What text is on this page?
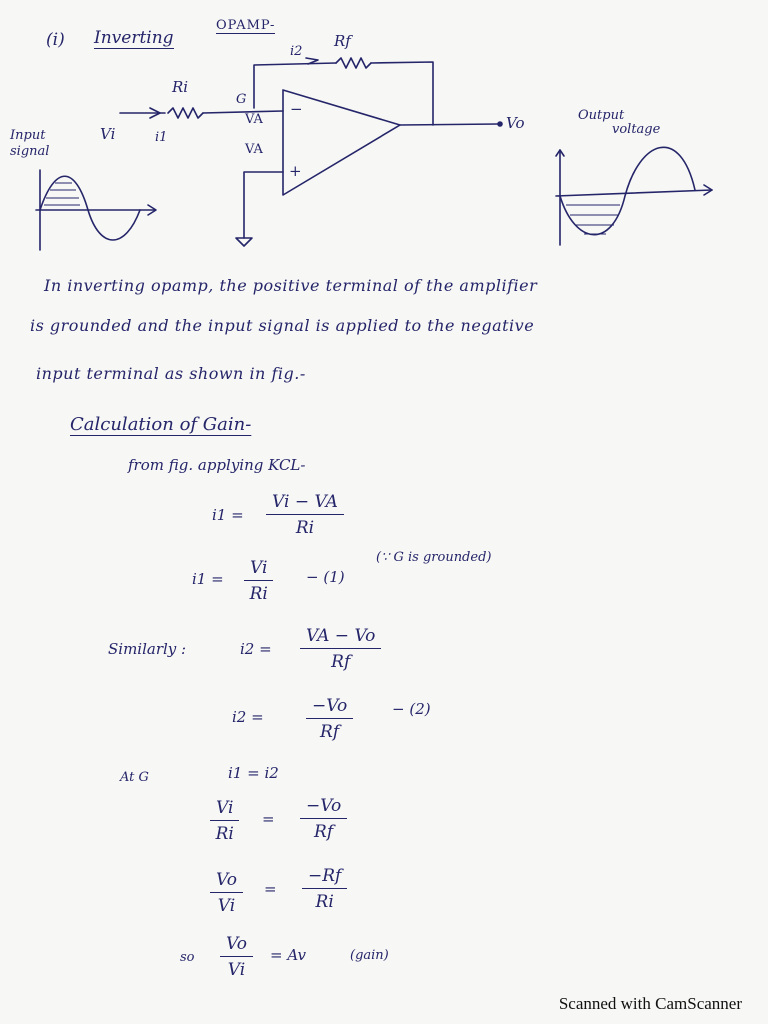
(i) Inverting
OPAMP-
Rf
i2
Ri
G
VA
VA
−
+
Vi	i1
Vo
Input signal
Output
voltage
In inverting opamp, the positive terminal of the amplifier
is grounded and the input signal is applied to the negative
input terminal as shown in fig.-
Calculation of Gain-
from fig. applying KCL-
$i1 = \frac{Vi - VA}{Ri}$
$i1 = \frac{Vi}{Ri} - (1)$
(∵ G is grounded)
Similarly :	$i2 = \frac{VA - Vo}{Rf}$
$i2 = \frac{-Vo}{Rf}$	− (2)
At G	i1 = i2
$\frac{Vi}{Ri} = \frac{-Vo}{Rf}$
$\frac{Vo}{Vi} = \frac{-Rf}{Ri}$
so $\frac{Vo}{Vi} = Av$	(gain)
Scanned with CamScanner
